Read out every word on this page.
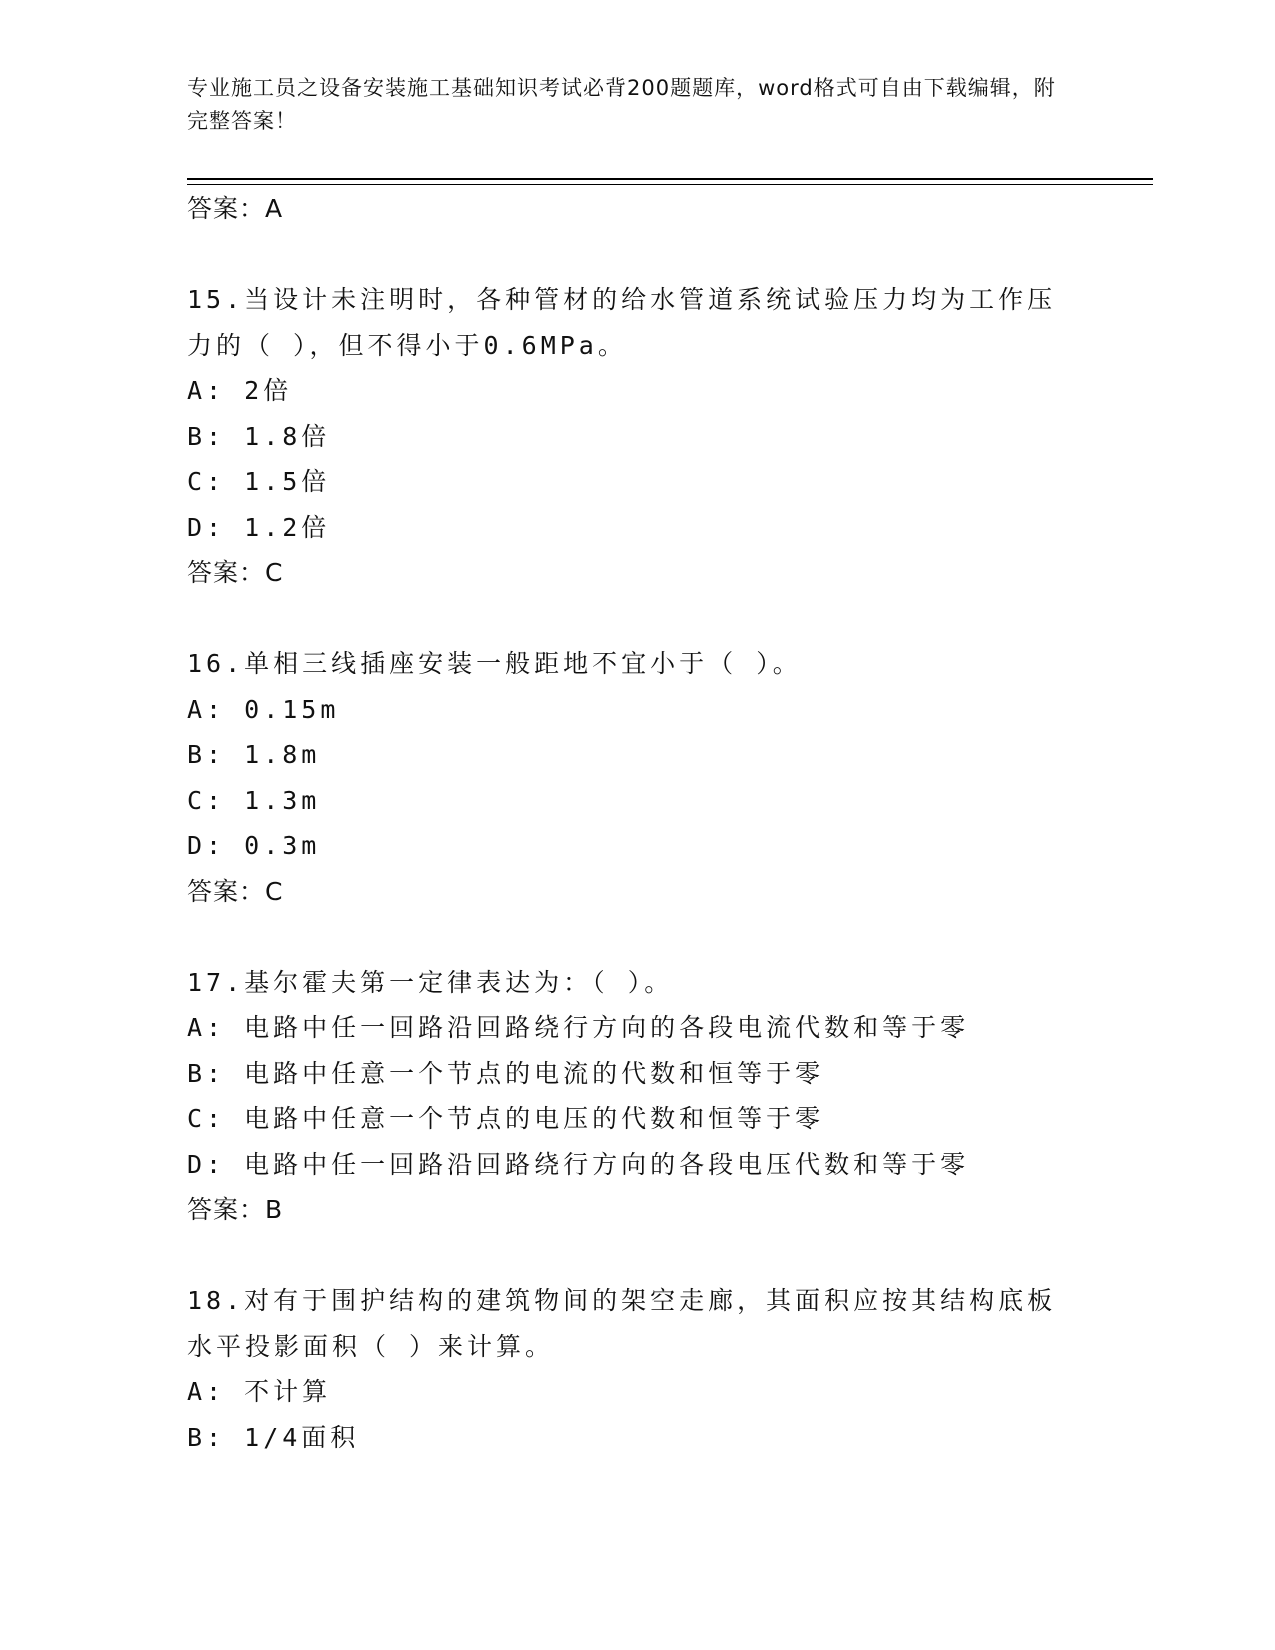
专业施工员之设备安装施工基础知识考试必背200题题库，word格式可自由下载编辑，附完整答案！
答案：A
15.当设计未注明时，各种管材的给水管道系统试验压力均为工作压力的（ ），但不得小于0.6MPa。
A: 2倍
B: 1.8倍
C: 1.5倍
D: 1.2倍
答案：C
16.单相三线插座安装一般距地不宜小于（ ）。
A: 0.15m
B: 1.8m
C: 1.3m
D: 0.3m
答案：C
17.基尔霍夫第一定律表达为：（ ）。
A: 电路中任一回路沿回路绕行方向的各段电流代数和等于零
B: 电路中任意一个节点的电流的代数和恒等于零
C: 电路中任意一个节点的电压的代数和恒等于零
D: 电路中任一回路沿回路绕行方向的各段电压代数和等于零
答案：B
18.对有于围护结构的建筑物间的架空走廊，其面积应按其结构底板水平投影面积（ ）来计算。
A: 不计算
B: 1/4面积
